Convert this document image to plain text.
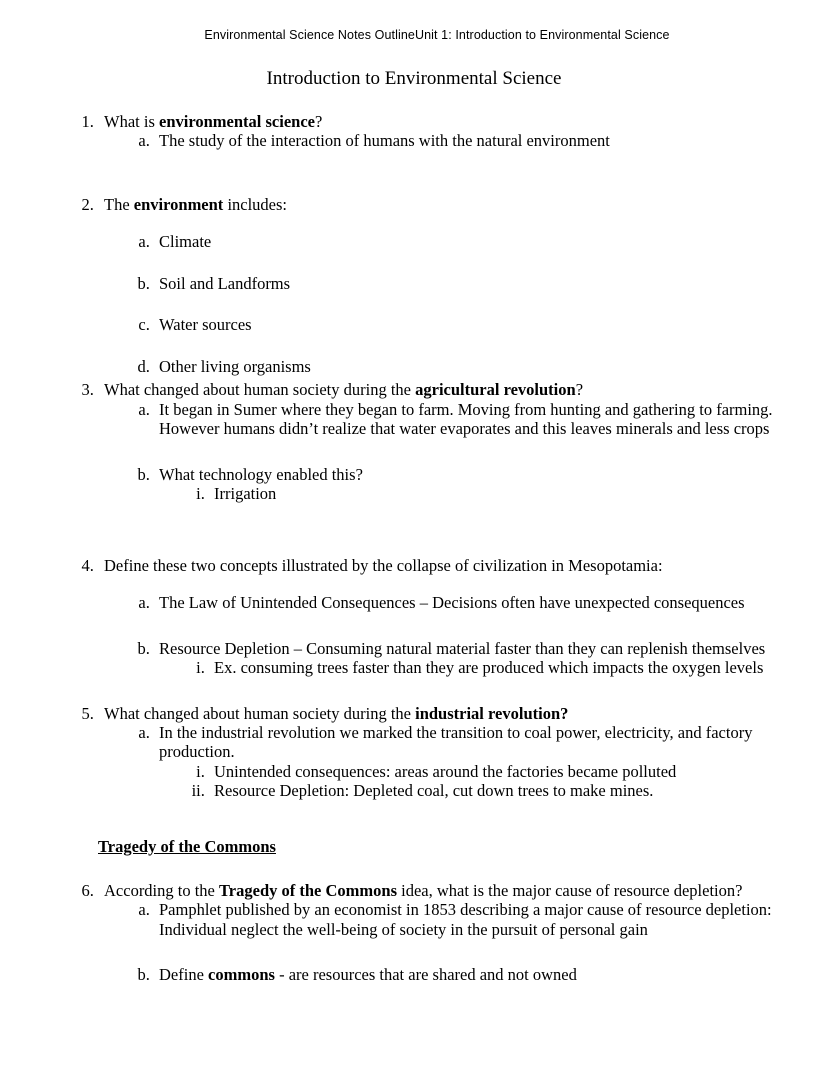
Environmental Science Notes OutlineUnit 1: Introduction to Environmental Science
Introduction to Environmental Science
1. What is environmental science?
a. The study of the interaction of humans with the natural environment
2. The environment includes:
a. Climate
b. Soil and Landforms
c. Water sources
d. Other living organisms
3. What changed about human society during the agricultural revolution?
a. It began in Sumer where they began to farm. Moving from hunting and gathering to farming. However humans didn’t realize that water evaporates and this leaves minerals and less crops
b. What technology enabled this?
i. Irrigation
4. Define these two concepts illustrated by the collapse of civilization in Mesopotamia:
a. The Law of Unintended Consequences – Decisions often have unexpected consequences
b. Resource Depletion – Consuming natural material faster than they can replenish themselves
i. Ex. consuming trees faster than they are produced which impacts the oxygen levels
5. What changed about human society during the industrial revolution?
a. In the industrial revolution we marked the transition to coal power, electricity, and factory production.
i. Unintended consequences: areas around the factories became polluted
ii. Resource Depletion: Depleted coal, cut down trees to make mines.
Tragedy of the Commons
6. According to the Tragedy of the Commons idea, what is the major cause of resource depletion?
a. Pamphlet published by an economist in 1853 describing a major cause of resource depletion: Individual neglect the well-being of society in the pursuit of personal gain
b. Define commons - are resources that are shared and not owned
